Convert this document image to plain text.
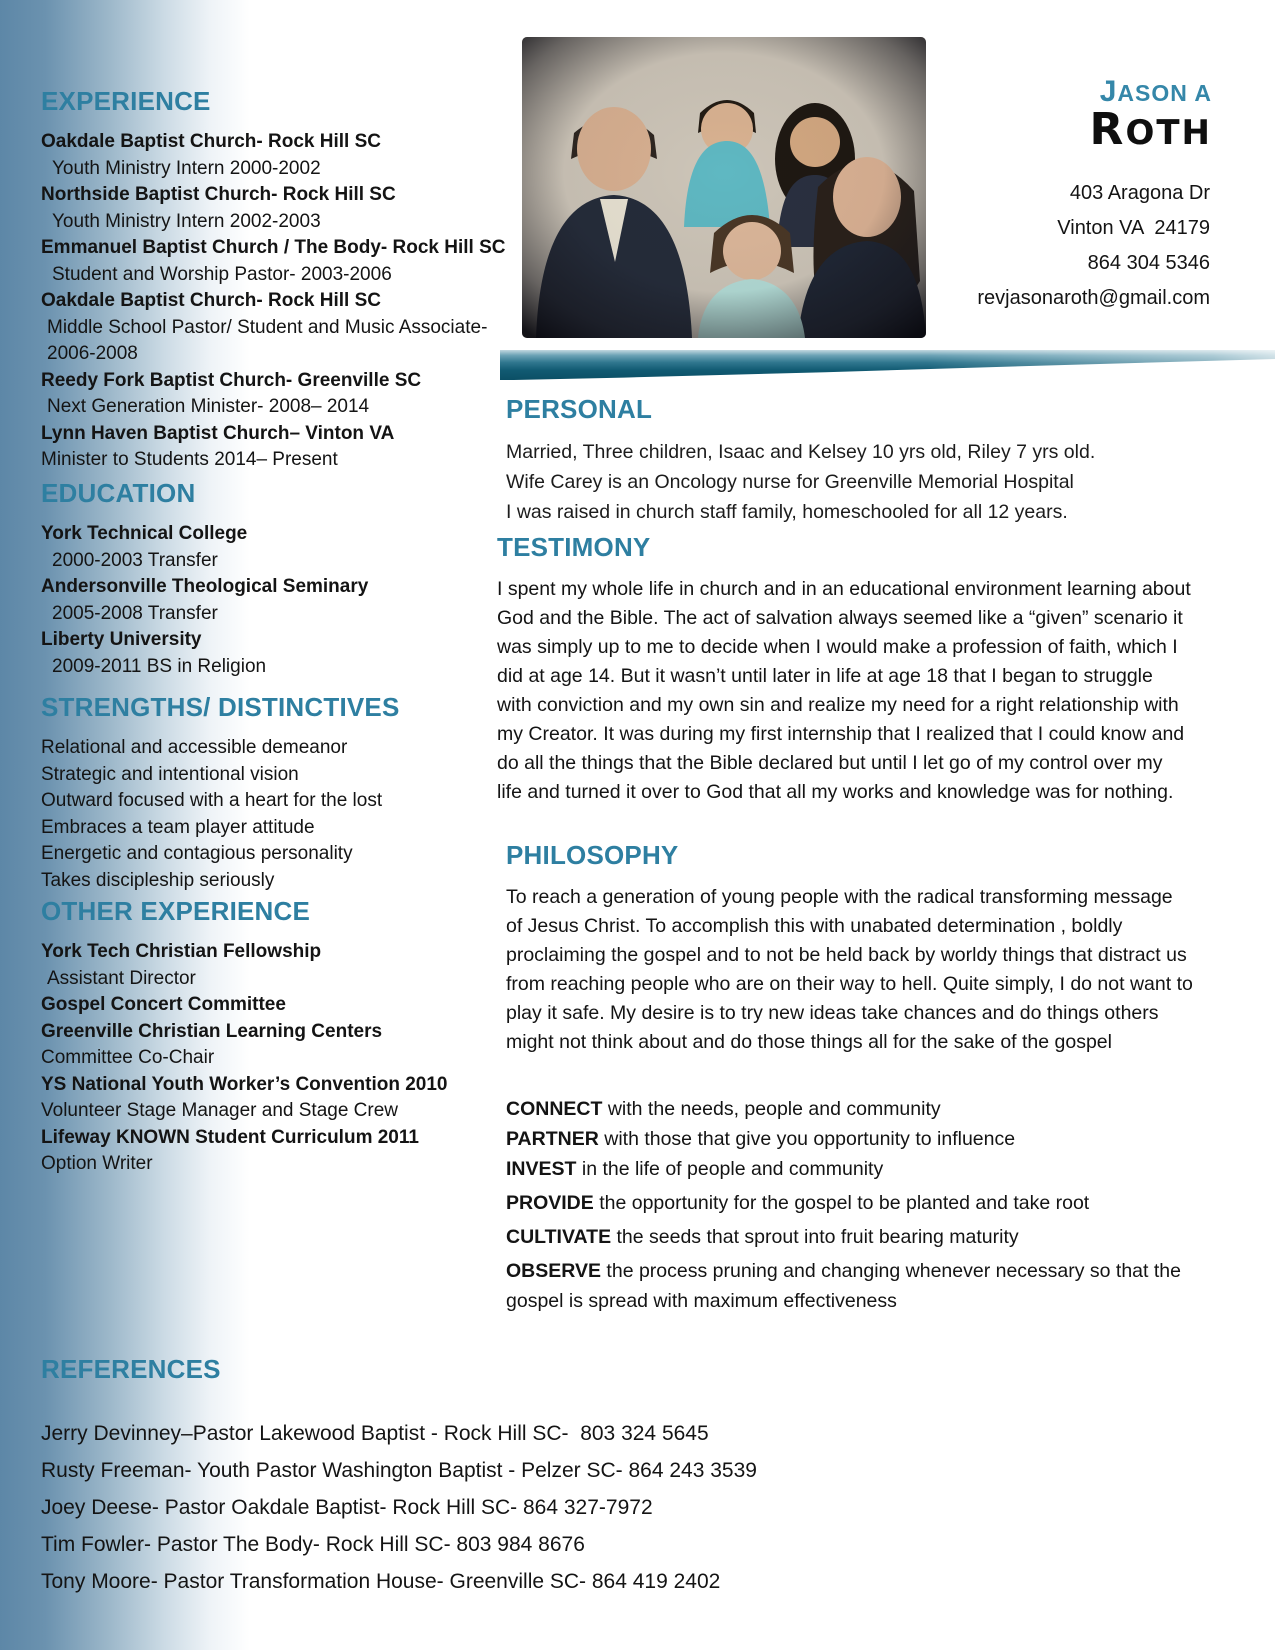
JASON A
ROTH
403 Aragona Dr
Vinton VA  24179
864 304 5346
revjasonaroth@gmail.com
EXPERIENCE
Oakdale Baptist Church- Rock Hill SC
Youth Ministry Intern 2000-2002
Northside Baptist Church- Rock Hill SC
Youth Ministry Intern 2002-2003
Emmanuel Baptist Church / The Body- Rock Hill SC
Student and Worship Pastor- 2003-2006
Oakdale Baptist Church- Rock Hill SC
Middle School Pastor/ Student and Music Associate- 2006-2008
Reedy Fork Baptist Church- Greenville SC
Next Generation Minister- 2008– 2014
Lynn Haven Baptist Church– Vinton VA
Minister to Students 2014– Present
EDUCATION
York Technical College
2000-2003 Transfer
Andersonville Theological Seminary
2005-2008 Transfer
Liberty University
2009-2011 BS in Religion
STRENGTHS/ DISTINCTIVES
Relational and accessible demeanor
Strategic and intentional vision
Outward focused with a heart for the lost
Embraces a team player attitude
Energetic and contagious personality
Takes discipleship seriously
OTHER EXPERIENCE
York Tech Christian Fellowship
Assistant Director
Gospel Concert Committee
Greenville Christian Learning Centers
Committee Co-Chair
YS National Youth Worker’s Convention 2010
Volunteer Stage Manager and Stage Crew
Lifeway KNOWN Student Curriculum 2011
Option Writer
PERSONAL
Married, Three children, Isaac and Kelsey 10 yrs old, Riley 7 yrs old.
Wife Carey is an Oncology nurse for Greenville Memorial Hospital
I was raised in church staff family, homeschooled for all 12 years.
TESTIMONY

I spent my whole life in church and in an educational environment learning about God and the Bible. The act of salvation always seemed like a “given” scenario it was simply up to me to decide when I would make a profession of faith, which I did at age 14. But it wasn’t until later in life at age 18 that I began to struggle with conviction and my own sin and realize my need for a right relationship with my Creator. It was during my first internship that I realized that I could know and do all the things that the Bible declared but until I let go of my control over my life and turned it over to God that all my works and knowledge was for nothing.

PHILOSOPHY

To reach a generation of young people with the radical transforming message of Jesus Christ. To accomplish this with unabated determination , boldly proclaiming the gospel and to not be held back by worldy things that distract us from reaching people who are on their way to hell. Quite simply, I do not want to play it safe. My desire is to try new ideas take chances and do things others might not think about and do those things all for the sake of the gospel

CONNECT with the needs, people and community
PARTNER with those that give you opportunity to influence
INVEST in the life of people and community
PROVIDE the opportunity for the gospel to be planted and take root
CULTIVATE the seeds that sprout into fruit bearing maturity
OBSERVE the process pruning and changing whenever necessary so that the  gospel is spread with maximum effectiveness
REFERENCES
Jerry Devinney–Pastor Lakewood Baptist - Rock Hill SC-  803 324 5645
Rusty Freeman- Youth Pastor Washington Baptist - Pelzer SC- 864 243 3539
Joey Deese- Pastor Oakdale Baptist- Rock Hill SC- 864 327-7972
Tim Fowler- Pastor The Body- Rock Hill SC- 803 984 8676
Tony Moore- Pastor Transformation House- Greenville SC- 864 419 2402
